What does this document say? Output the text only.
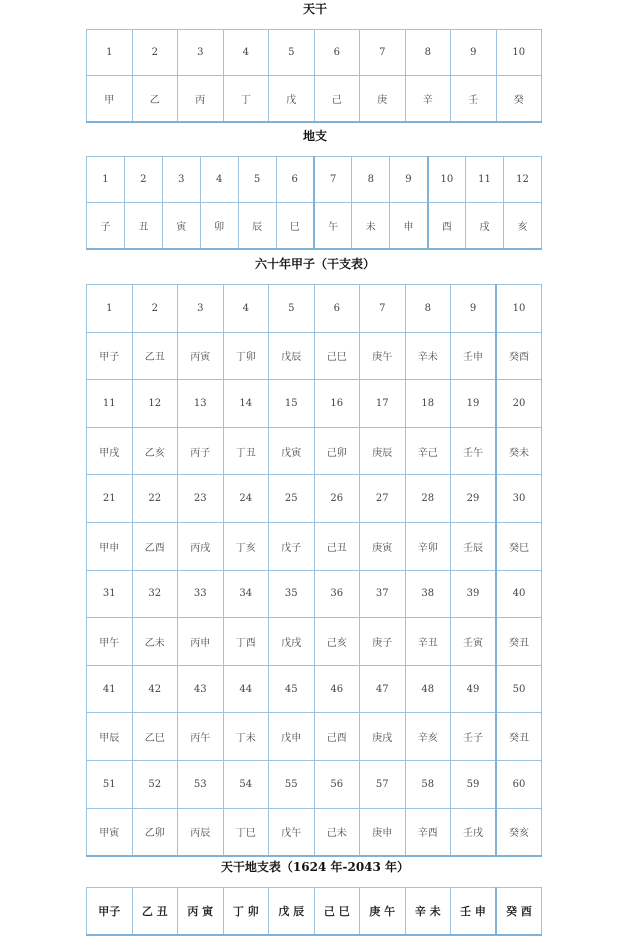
天干
1	2	3	4	5	6	7	8	9	10
甲	乙	丙	丁	戊	己	庚	辛	壬	癸
地支
1	2	3	4	5	6	7	8	9	10	11	12
子	丑	寅	卯	辰	巳	午	未	申	酉	戌	亥
六十年甲子（干支表）
1	2	3	4	5	6	7	8	9	10
甲子	乙丑	丙寅	丁卯	戊辰	己巳	庚午	辛未	壬申	癸酉
11	12	13	14	15	16	17	18	19	20
甲戌	乙亥	丙子	丁丑	戊寅	己卯	庚辰	辛己	壬午	癸未
21	22	23	24	25	26	27	28	29	30
甲申	乙酉	丙戌	丁亥	戊子	己丑	庚寅	辛卯	壬辰	癸巳
31	32	33	34	35	36	37	38	39	40
甲午	乙未	丙申	丁酉	戊戌	己亥	庚子	辛丑	壬寅	癸丑
41	42	43	44	45	46	47	48	49	50
甲辰	乙巳	丙午	丁未	戊申	己酉	庚戌	辛亥	壬子	癸丑
51	52	53	54	55	56	57	58	59	60
甲寅	乙卯	丙辰	丁巳	戊午	己未	庚申	辛酉	壬戌	癸亥
天干地支表（1624 年-2043 年）
甲子	乙 丑	丙 寅	丁 卯	戊 辰	己 巳	庚 午	辛 未	壬 申	癸 酉
